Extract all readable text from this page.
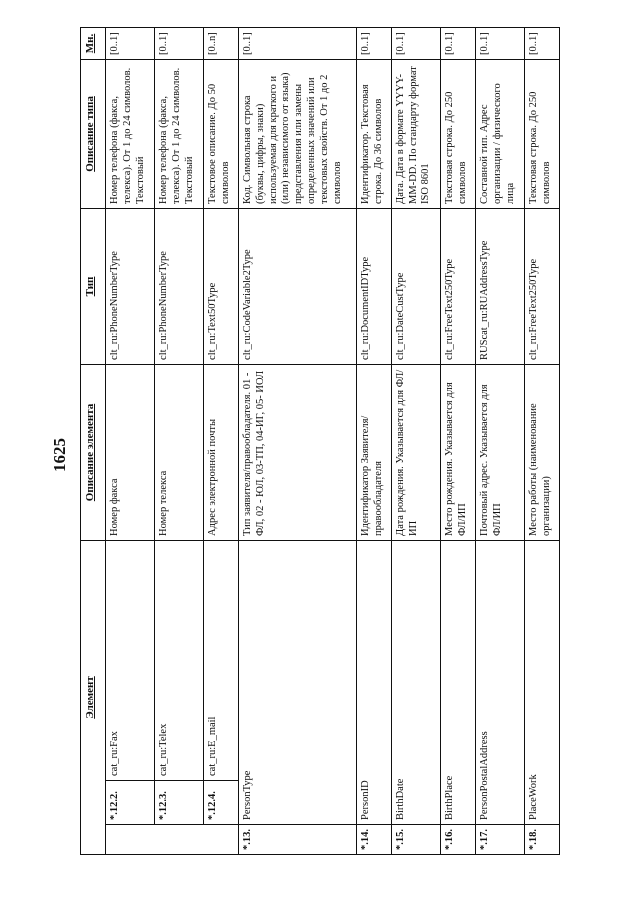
1625
Элемент			Описание элемента	Тип	Описание типа	Мн.
	*.12.2.	cat_ru:Fax	Номер факса	clt_ru:PhoneNumberType	Номер телефона (факса, телекса). От 1 до 24 символов. Текстовый	[0..1]
	*.12.3.	cat_ru:Telex	Номер телекса	clt_ru:PhoneNumberType	Номер телефона (факса, телекса). От 1 до 24 символов. Текстовый	[0..1]
	*.12.4.	cat_ru:E_mail	Адрес электронной почты	clt_ru:Text50Type	Текстовое описание. До 50 символов	[0..n]
*.13.	PersonType		Тип заявителя/правообладателя. 01 - ФЛ, 02 - ЮЛ, 03-ТП, 04-ИГ, 05- ИОЛ	clt_ru:CodeVariable2Type	Код. Символьная строка (буквы, цифры, знаки) используемая для краткого и (или) независимого от языка) представления или замены определенных значений или текстовых свойств. От 1 до 2 символов	[0..1]
*.14.	PersonID		Идентификатор Заявителя/правообладателя	clt_ru:DocumentIDType	Идентификатор. Текстовая строка. До 36 символов	[0..1]
*.15.	BirthDate		Дата рождения. Указывается для ФЛ/ИП	clt_ru:DateCustType	Дата. Дата в формате YYYY-MM-DD. По стандарту формат ISO 8601	[0..1]
*.16.	BirthPlace		Место рождения. Указывается для ФЛ/ИП	clt_ru:FreeText250Type	Текстовая строка. До 250 символов	[0..1]
*.17.	PersonPostalAddress		Почтовый адрес. Указывается для ФЛ/ИП	RUScat_ru:RUAddressType	Составной тип. Адрес организации / физического лица	[0..1]
*.18.	PlaceWork		Место работы (наименование организации)	clt_ru:FreeText250Type	Текстовая строка. До 250 символов	[0..1]
